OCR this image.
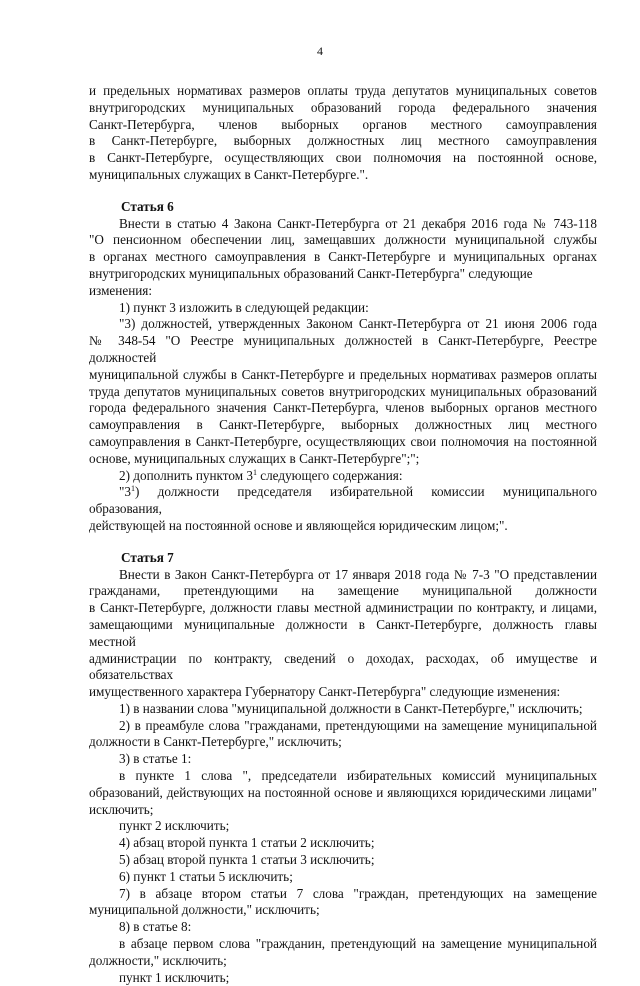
4

и предельных нормативах размеров оплаты труда депутатов муниципальных советов

внутригородских муниципальных образований города федерального значения

Санкт-Петербурга, членов выборных органов местного самоуправления

в Санкт-Петербурге, выборных должностных лиц местного самоуправления

в Санкт-Петербурге, осуществляющих свои полномочия на постоянной основе,

муниципальных служащих в Санкт-Петербурге.".

Статья 6

Внести в статью 4 Закона Санкт-Петербурга от 21 декабря 2016 года № 743-118

"О пенсионном обеспечении лиц, замещавших должности муниципальной службы

в органах местного самоуправления в Санкт-Петербурге и муниципальных органах

внутригородских муниципальных образований Санкт-Петербурга" следующие изменения:

1) пункт 3 изложить в следующей редакции:

"3) должностей, утвержденных Законом Санкт-Петербурга от 21 июня 2006 года

№ 348-54 "О Реестре муниципальных должностей в Санкт-Петербурге, Реестре должностей

муниципальной службы в Санкт-Петербурге и предельных нормативах размеров оплаты

труда депутатов муниципальных советов внутригородских муниципальных образований

города федерального значения Санкт-Петербурга, членов выборных органов местного

самоуправления в Санкт-Петербурге, выборных должностных лиц местного

самоуправления в Санкт-Петербурге, осуществляющих свои полномочия на постоянной

основе, муниципальных служащих в Санкт-Петербурге";";

2) дополнить пунктом $3^1$ следующего содержания:

"$3^1$) должности председателя избирательной комиссии муниципального образования,

действующей на постоянной основе и являющейся юридическим лицом;".

Статья 7

Внести в Закон Санкт-Петербурга от 17 января 2018 года № 7-3 "О представлении

гражданами, претендующими на замещение муниципальной должности

в Санкт-Петербурге, должности главы местной администрации по контракту, и лицами,

замещающими муниципальные должности в Санкт-Петербурге, должность главы местной

администрации по контракту, сведений о доходах, расходах, об имуществе и обязательствах

имущественного характера Губернатору Санкт-Петербурга" следующие изменения:

1) в названии слова "муниципальной должности в Санкт-Петербурге," исключить;

2) в преамбуле слова "гражданами, претендующими на замещение муниципальной

должности в Санкт-Петербурге," исключить;

3) в статье 1:

в пункте 1 слова ", председатели избирательных комиссий муниципальных

образований, действующих на постоянной основе и являющихся юридическими лицами"

исключить;

пункт 2 исключить;

4) абзац второй пункта 1 статьи 2 исключить;

5) абзац второй пункта 1 статьи 3 исключить;

6) пункт 1 статьи 5 исключить;

7) в абзаце втором статьи 7 слова "граждан, претендующих на замещение

муниципальной должности," исключить;

8) в статье 8:

в абзаце первом слова "гражданин, претендующий на замещение муниципальной

должности," исключить;

пункт 1 исключить;
